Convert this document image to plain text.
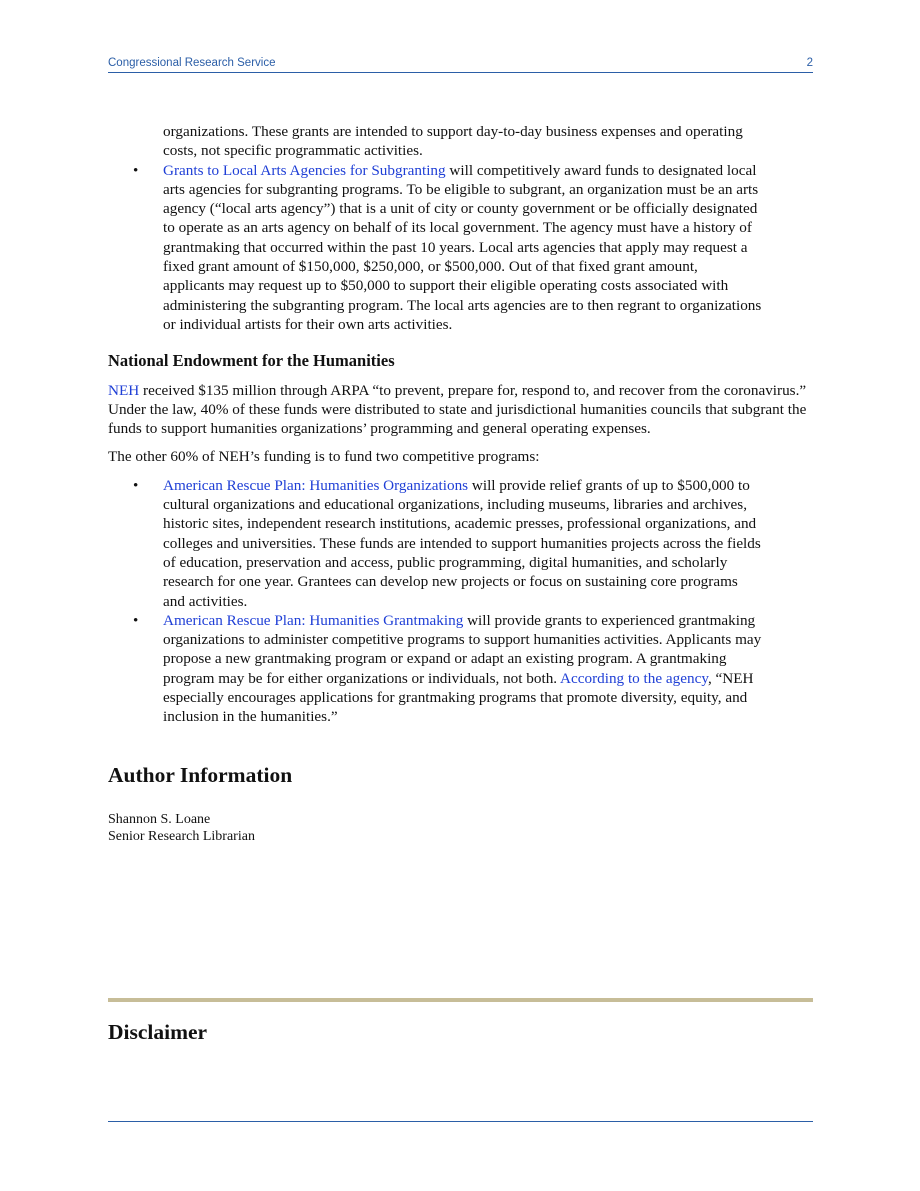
Congressional Research Service	2

organizations. These grants are intended to support day-to-day business expenses and operating costs, not specific programmatic activities.

• Grants to Local Arts Agencies for Subgranting will competitively award funds to designated local arts agencies for subgranting programs. To be eligible to subgrant, an organization must be an arts agency (“local arts agency”) that is a unit of city or county government or be officially designated to operate as an arts agency on behalf of its local government. The agency must have a history of grantmaking that occurred within the past 10 years. Local arts agencies that apply may request a fixed grant amount of $150,000, $250,000, or $500,000. Out of that fixed grant amount, applicants may request up to $50,000 to support their eligible operating costs associated with administering the subgranting program. The local arts agencies are to then regrant to organizations or individual artists for their own arts activities.
National Endowment for the Humanities

NEH received $135 million through ARPA “to prevent, prepare for, respond to, and recover from the coronavirus.” Under the law, 40% of these funds were distributed to state and jurisdictional humanities councils that subgrant the funds to support humanities organizations’ programming and general operating expenses.

The other 60% of NEH’s funding is to fund two competitive programs:

• American Rescue Plan: Humanities Organizations will provide relief grants of up to $500,000 to cultural organizations and educational organizations, including museums, libraries and archives, historic sites, independent research institutions, academic presses, professional organizations, and colleges and universities. These funds are intended to support humanities projects across the fields of education, preservation and access, public programming, digital humanities, and scholarly research for one year. Grantees can develop new projects or focus on sustaining core programs and activities.
• American Rescue Plan: Humanities Grantmaking will provide grants to experienced grantmaking organizations to administer competitive programs to support humanities activities. Applicants may propose a new grantmaking program or expand or adapt an existing program. A grantmaking program may be for either organizations or individuals, not both. According to the agency, “NEH especially encourages applications for grantmaking programs that promote diversity, equity, and inclusion in the humanities.”
Author Information
Shannon S. Loane
Senior Research Librarian
Disclaimer
